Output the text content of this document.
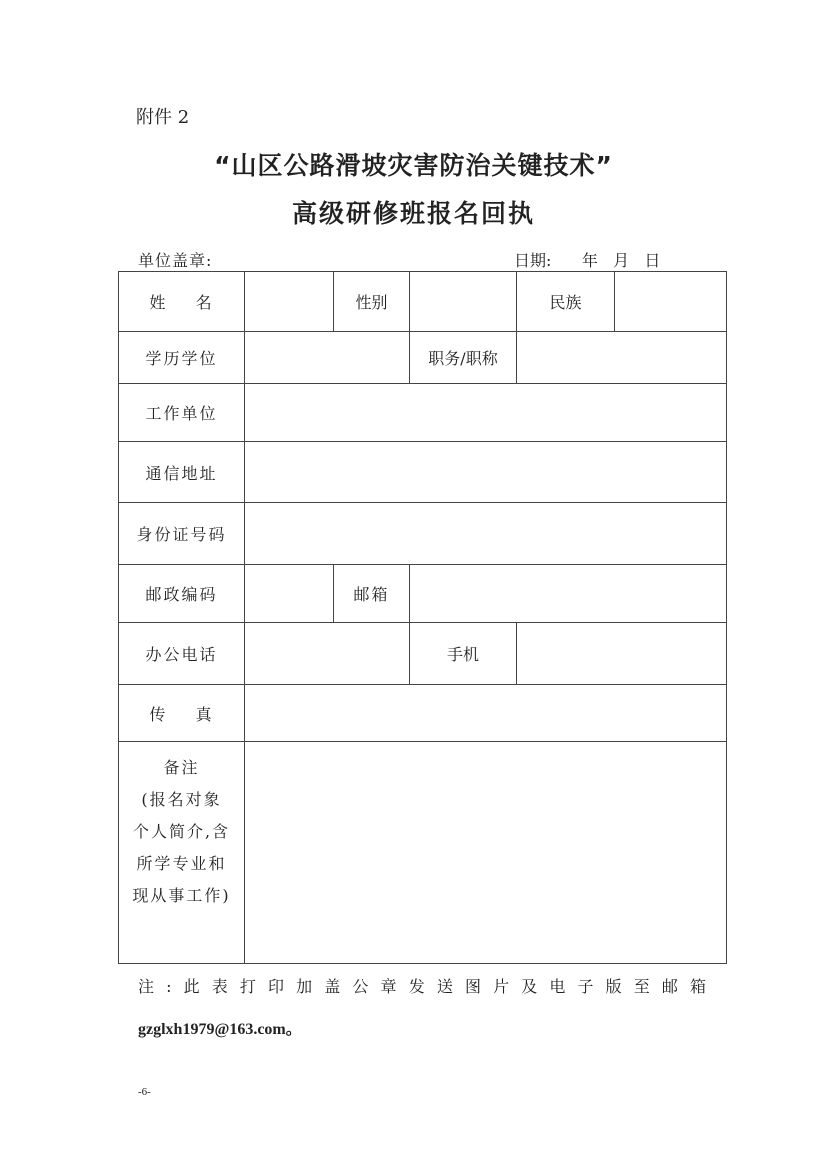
附件 2
“山区公路滑坡灾害防治关键技术”
高级研修班报名回执
单位盖章:	日期:      年   月   日
姓    名		性别		民族	
学历学位			职务/职称		
工作单位					
通信地址					
身份证号码					
邮政编码		邮箱			
办公电话			手机		
传    真					

备注
(报名对象
个人简介,含
所学专业和
现从事工作)					

注:此表打印加盖公章发送图片及电子版至邮箱
gzglxh1979@163.com。
-6-
